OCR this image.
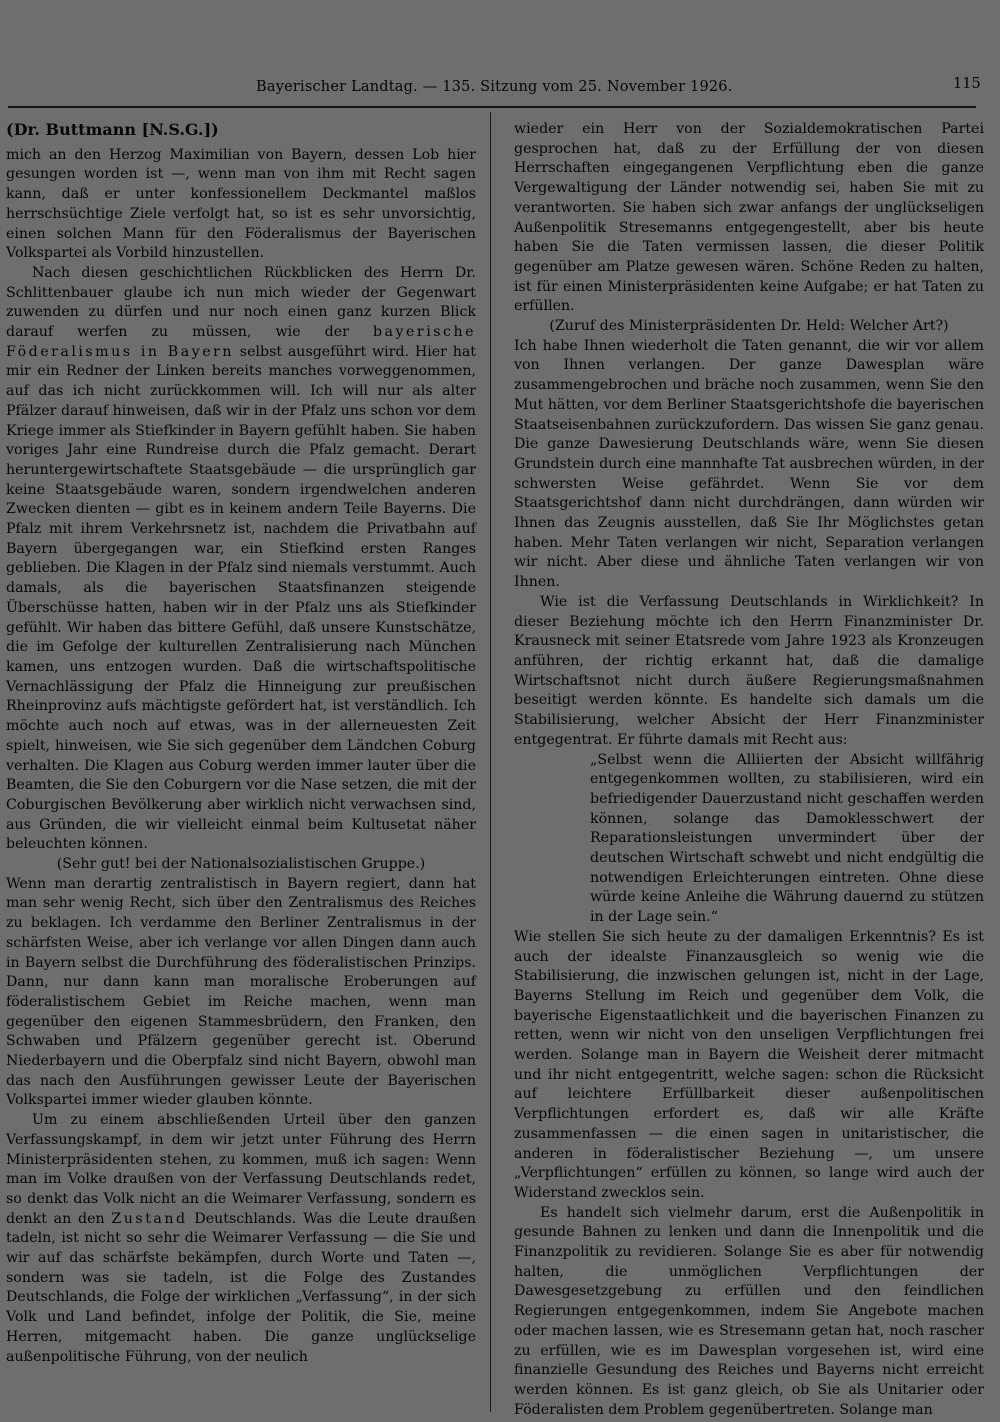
Bayerischer Landtag. — 135. Sitzung vom 25. November 1926.	115
(Dr. Buttmann [N.S.G.])

mich an den Herzog Maximilian von Bayern, dessen Lob hier gesungen worden ist —, wenn man von ihm mit Recht sagen kann, daß er unter konfessionellem Deckmantel maßlos herrschsüchtige Ziele verfolgt hat, so ist es sehr unvorsichtig, einen solchen Mann für den Föderalismus der Bayerischen Volkspartei als Vorbild hinzustellen.

Nach diesen geschichtlichen Rückblicken des Herrn Dr. Schlittenbauer glaube ich nun mich wieder der Gegenwart zuwenden zu dürfen und nur noch einen ganz kurzen Blick darauf werfen zu müssen, wie der bayerische Föderalismus in Bayern selbst ausgeführt wird. Hier hat mir ein Redner der Linken bereits manches vorweggenommen, auf das ich nicht zurückkommen will. Ich will nur als alter Pfälzer darauf hinweisen, daß wir in der Pfalz uns schon vor dem Kriege immer als Stiefkinder in Bayern gefühlt haben. Sie haben voriges Jahr eine Rundreise durch die Pfalz gemacht. Derart heruntergewirtschaftete Staatsgebäude — die ursprünglich gar keine Staatsgebäude waren, sondern irgendwelchen anderen Zwecken dienten — gibt es in keinem andern Teile Bayerns. Die Pfalz mit ihrem Verkehrsnetz ist, nachdem die Privatbahn auf Bayern übergegangen war, ein Stiefkind ersten Ranges geblieben. Die Klagen in der Pfalz sind niemals verstummt. Auch damals, als die bayerischen Staatsfinanzen steigende Überschüsse hatten, haben wir in der Pfalz uns als Stiefkinder gefühlt. Wir haben das bittere Gefühl, daß unsere Kunstschätze, die im Gefolge der kulturellen Zentralisierung nach München kamen, uns entzogen wurden. Daß die wirtschaftspolitische Vernachlässigung der Pfalz die Hinneigung zur preußischen Rheinprovinz aufs mächtigste gefördert hat, ist verständlich. Ich möchte auch noch auf etwas, was in der allerneuesten Zeit spielt, hinweisen, wie Sie sich gegenüber dem Ländchen Coburg verhalten. Die Klagen aus Coburg werden immer lauter über die Beamten, die Sie den Coburgern vor die Nase setzen, die mit der Coburgischen Bevölkerung aber wirklich nicht verwachsen sind, aus Gründen, die wir vielleicht einmal beim Kultusetat näher beleuchten können.

(Sehr gut! bei der Nationalsozialistischen Gruppe.)

Wenn man derartig zentralistisch in Bayern regiert, dann hat man sehr wenig Recht, sich über den Zentralismus des Reiches zu beklagen. Ich verdamme den Berliner Zentralismus in der schärfsten Weise, aber ich verlange vor allen Dingen dann auch in Bayern selbst die Durchführung des föderalistischen Prinzips. Dann, nur dann kann man moralische Eroberungen auf föderalistischem Gebiet im Reiche machen, wenn man gegenüber den eigenen Stammesbrüdern, den Franken, den Schwaben und Pfälzern gegenüber gerecht ist. Oberund Niederbayern und die Oberpfalz sind nicht Bayern, obwohl man das nach den Ausführungen gewisser Leute der Bayerischen Volkspartei immer wieder glauben könnte.

Um zu einem abschließenden Urteil über den ganzen Verfassungskampf, in dem wir jetzt unter Führung des Herrn Ministerpräsidenten stehen, zu kommen, muß ich sagen: Wenn man im Volke draußen von der Verfassung Deutschlands redet, so denkt das Volk nicht an die Weimarer Verfassung, sondern es denkt an den Zustand Deutschlands. Was die Leute draußen tadeln, ist nicht so sehr die Weimarer Verfassung — die Sie und wir auf das schärfste bekämpfen, durch Worte und Taten —, sondern was sie tadeln, ist die Folge des Zustandes Deutschlands, die Folge der wirklichen „Verfassung“, in der sich Volk und Land befindet, infolge der Politik, die Sie, meine Herren, mitgemacht haben. Die ganze unglückselige außenpolitische Führung, von der neulich

wieder ein Herr von der Sozialdemokratischen Partei gesprochen hat, daß zu der Erfüllung der von diesen Herrschaften eingegangenen Verpflichtung eben die ganze Vergewaltigung der Länder notwendig sei, haben Sie mit zu verantworten. Sie haben sich zwar anfangs der unglückseligen Außenpolitik Stresemanns entgegengestellt, aber bis heute haben Sie die Taten vermissen lassen, die dieser Politik gegenüber am Platze gewesen wären. Schöne Reden zu halten, ist für einen Ministerpräsidenten keine Aufgabe; er hat Taten zu erfüllen.

(Zuruf des Ministerpräsidenten Dr. Held: Welcher Art?)

Ich habe Ihnen wiederholt die Taten genannt, die wir vor allem von Ihnen verlangen. Der ganze Dawesplan wäre zusammengebrochen und bräche noch zusammen, wenn Sie den Mut hätten, vor dem Berliner Staatsgerichtshofe die bayerischen Staatseisenbahnen zurückzufordern. Das wissen Sie ganz genau. Die ganze Dawesierung Deutschlands wäre, wenn Sie diesen Grundstein durch eine mannhafte Tat ausbrechen würden, in der schwersten Weise gefährdet. Wenn Sie vor dem Staatsgerichtshof dann nicht durchdrängen, dann würden wir Ihnen das Zeugnis ausstellen, daß Sie Ihr Möglichstes getan haben. Mehr Taten verlangen wir nicht, Separation verlangen wir nicht. Aber diese und ähnliche Taten verlangen wir von Ihnen.

Wie ist die Verfassung Deutschlands in Wirklichkeit? In dieser Beziehung möchte ich den Herrn Finanzminister Dr. Krausneck mit seiner Etatsrede vom Jahre 1923 als Kronzeugen anführen, der richtig erkannt hat, daß die damalige Wirtschaftsnot nicht durch äußere Regierungsmaßnahmen beseitigt werden könnte. Es handelte sich damals um die Stabilisierung, welcher Absicht der Herr Finanzminister entgegentrat. Er führte damals mit Recht aus:

„Selbst wenn die Alliierten der Absicht willfährig entgegenkommen wollten, zu stabilisieren, wird ein befriedigender Dauerzustand nicht geschaffen werden können, solange das Damoklesschwert der Reparationsleistungen unvermindert über der deutschen Wirtschaft schwebt und nicht endgültig die notwendigen Erleichterungen eintreten. Ohne diese würde keine Anleihe die Währung dauernd zu stützen in der Lage sein.“

Wie stellen Sie sich heute zu der damaligen Erkenntnis? Es ist auch der idealste Finanzausgleich so wenig wie die Stabilisierung, die inzwischen gelungen ist, nicht in der Lage, Bayerns Stellung im Reich und gegenüber dem Volk, die bayerische Eigenstaatlichkeit und die bayerischen Finanzen zu retten, wenn wir nicht von den unseligen Verpflichtungen frei werden. Solange man in Bayern die Weisheit derer mitmacht und ihr nicht entgegentritt, welche sagen: schon die Rücksicht auf leichtere Erfüllbarkeit dieser außenpolitischen Verpflichtungen erfordert es, daß wir alle Kräfte zusammenfassen — die einen sagen in unitaristischer, die anderen in föderalistischer Beziehung —, um unsere „Verpflichtungen“ erfüllen zu können, so lange wird auch der Widerstand zwecklos sein.

Es handelt sich vielmehr darum, erst die Außenpolitik in gesunde Bahnen zu lenken und dann die Innenpolitik und die Finanzpolitik zu revidieren. Solange Sie es aber für notwendig halten, die unmöglichen Verpflichtungen der Dawesgesetzgebung zu erfüllen und den feindlichen Regierungen entgegenkommen, indem Sie Angebote machen oder machen lassen, wie es Stresemann getan hat, noch rascher zu erfüllen, wie es im Dawesplan vorgesehen ist, wird eine finanzielle Gesundung des Reiches und Bayerns nicht erreicht werden können. Es ist ganz gleich, ob Sie als Unitarier oder Föderalisten dem Problem gegenübertreten. Solange man
